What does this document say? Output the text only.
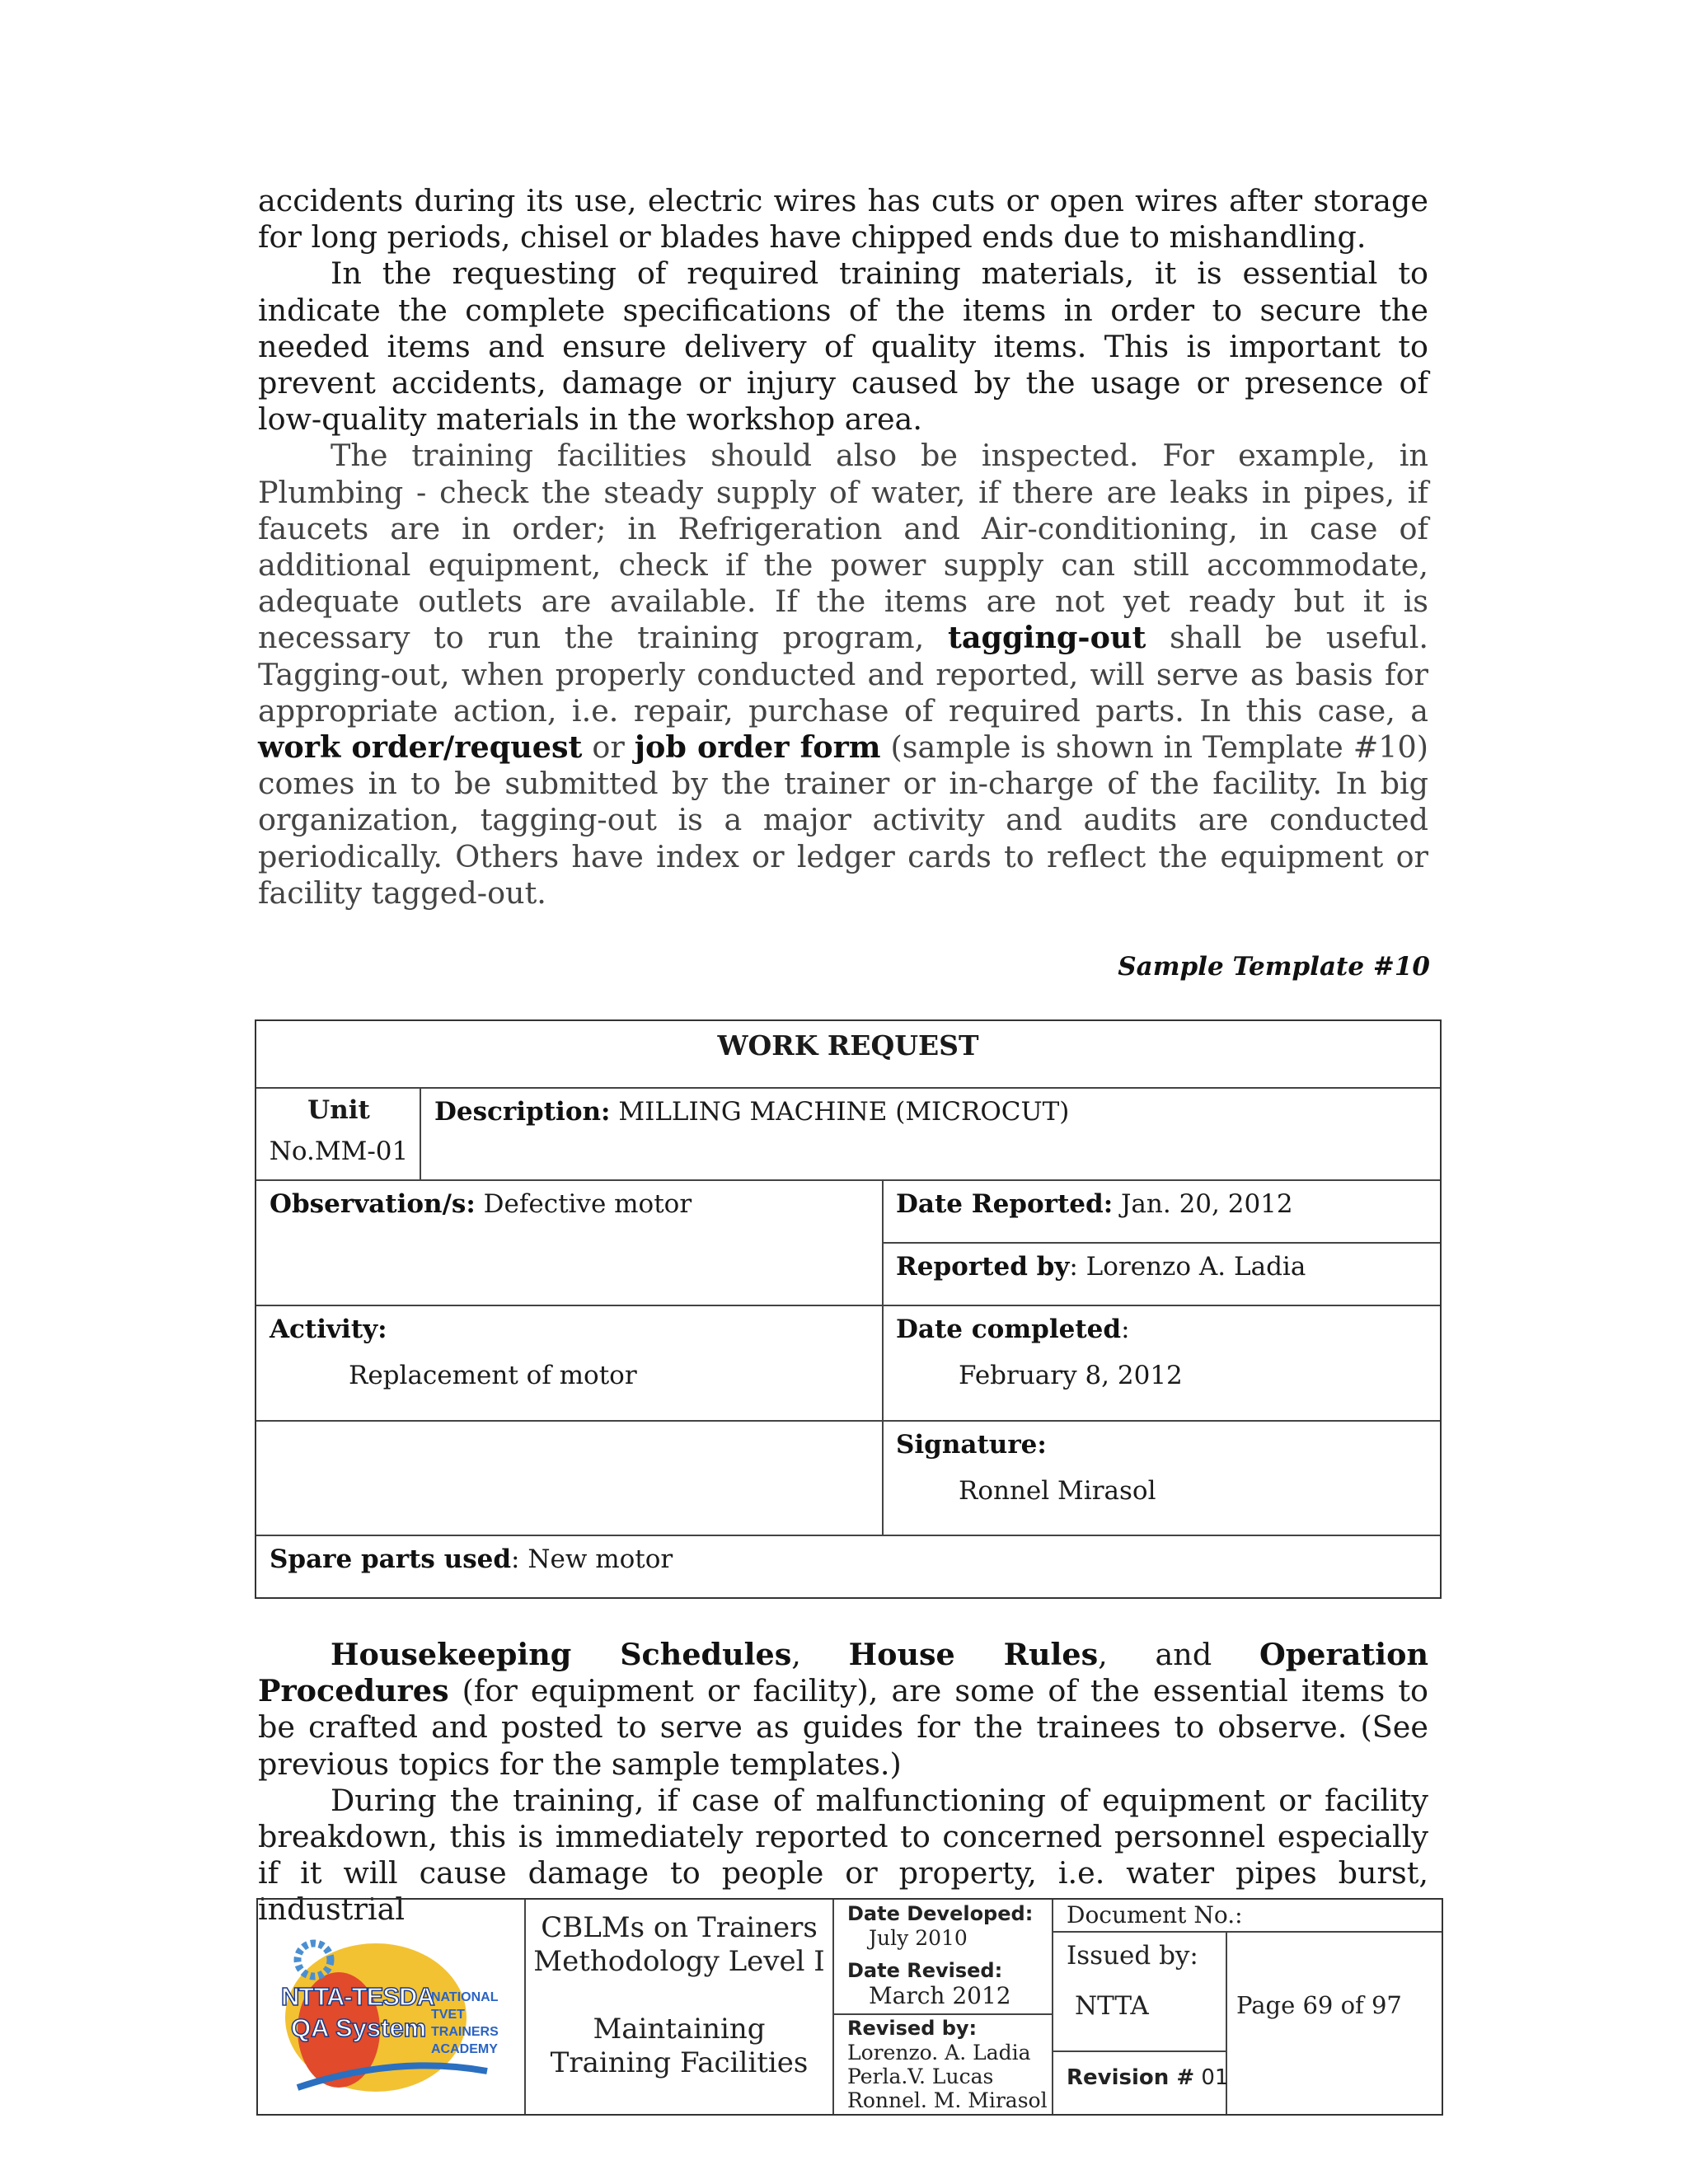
accidents during its use, electric wires has cuts or open wires after storage for long periods, chisel or blades have chipped ends due to mishandling.

In the requesting of required training materials, it is essential to indicate the complete specifications of the items in order to secure the needed items and ensure delivery of quality items. This is important to prevent accidents, damage or injury caused by the usage or presence of low-quality materials in the workshop area.

The training facilities should also be inspected. For example, in Plumbing - check the steady supply of water, if there are leaks in pipes, if faucets are in order; in Refrigeration and Air-conditioning, in case of additional equipment, check if the power supply can still accommodate, adequate outlets are available. If the items are not yet ready but it is necessary to run the training program, tagging-out shall be useful. Tagging-out, when properly conducted and reported, will serve as basis for appropriate action, i.e. repair, purchase of required parts. In this case, a work order/request or job order form (sample is shown in Template #10) comes in to be submitted by the trainer or in-charge of the facility. In big organization, tagging-out is a major activity and audits are conducted periodically. Others have index or ledger cards to reflect the equipment or facility tagged-out.

Sample Template #10
WORK REQUEST
Unit
No.MM-01
Description: MILLING MACHINE (MICROCUT)
Observation/s: Defective motor	Date Reported: Jan. 20, 2012
Reported by: Lorenzo A. Ladia
Activity:
Replacement of motor
Date completed:
February 8, 2012
Signature:
Ronnel Mirasol
Spare parts used: New motor

Housekeeping Schedules, House Rules, and Operation Procedures (for equipment or facility), are some of the essential items to be crafted and posted to serve as guides for the trainees to observe. (See previous topics for the sample templates.)

During the training, if case of malfunctioning of equipment or facility breakdown, this is immediately reported to concerned personnel especially if it will cause damage to people or property, i.e. water pipes burst, industrial

NTTA-TESDA
QA System
NATIONAL
TVET
TRAINERS
ACADEMY
CBLMs on Trainers
Methodology Level I
Maintaining
Training Facilities
Date Developed:
July 2010
Date Revised:
March 2012
Revised by:
Lorenzo. A. Ladia
Perla.V. Lucas
Ronnel. M. Mirasol
Document No.:
Issued by:
NTTA
Revision # 01
Page 69 of 97
